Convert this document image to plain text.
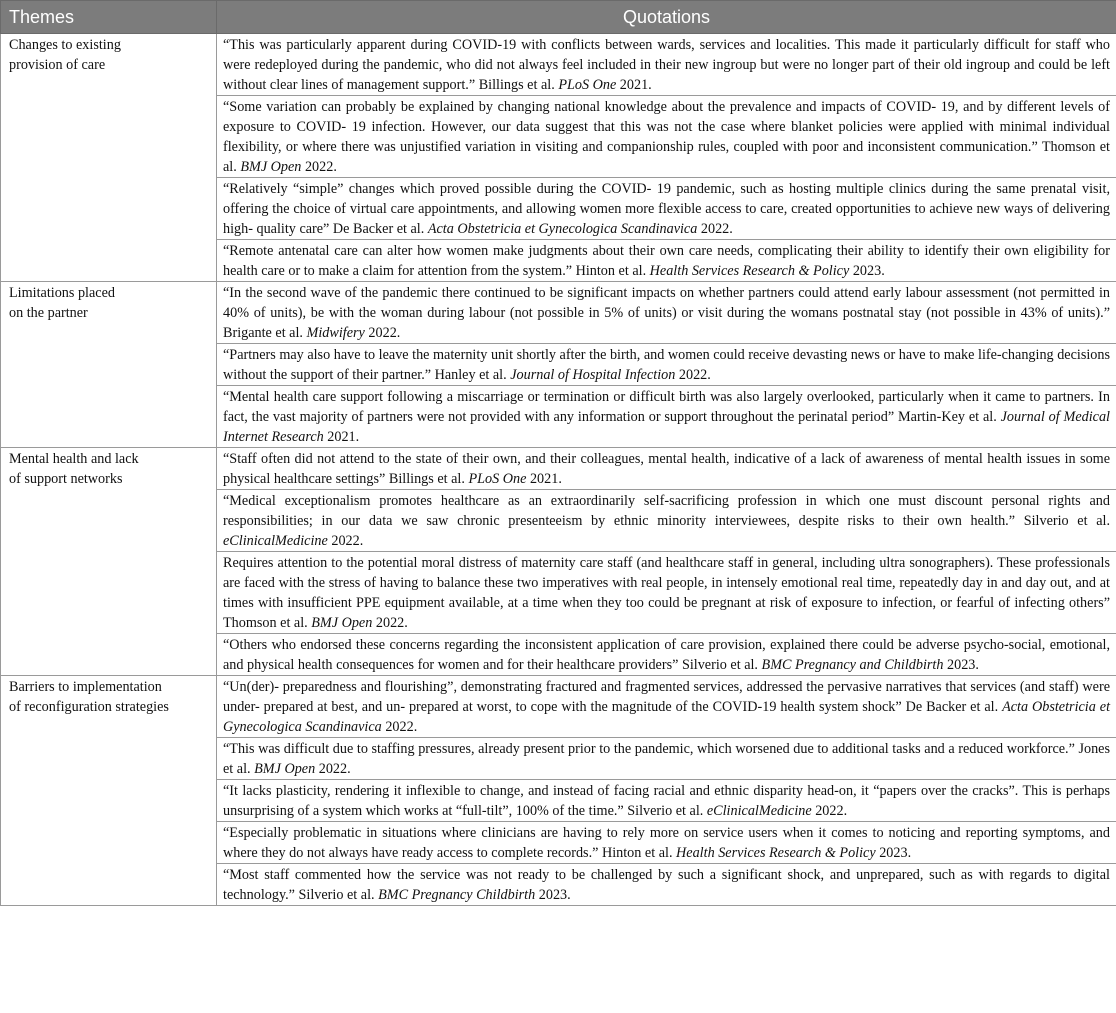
Themes	Quotations
Changes to existing
provision of care	“This was particularly apparent during COVID-19 with conflicts between wards, services and localities. This made it particularly difficult for staff who were redeployed during the pandemic, who did not always feel included in their new ingroup but were no longer part of their old ingroup and could be left without clear lines of management support.” Billings et al. PLoS One 2021.
	“Some variation can probably be explained by changing national knowledge about the prevalence and impacts of COVID- 19, and by different levels of exposure to COVID- 19 infection. However, our data suggest that this was not the case where blanket policies were applied with minimal individual flexibility, or where there was unjustified variation in visiting and companionship rules, coupled with poor and inconsistent communication.” Thomson et al. BMJ Open 2022.
	“Relatively “simple” changes which proved possible during the COVID- 19 pandemic, such as hosting multiple clinics during the same prenatal visit, offering the choice of virtual care appointments, and allowing women more flexible access to care, created opportunities to achieve new ways of delivering high- quality care” De Backer et al. Acta Obstetricia et Gynecologica Scandinavica 2022.
	“Remote antenatal care can alter how women make judgments about their own care needs, complicating their ability to identify their own eligibility for health care or to make a claim for attention from the system.” Hinton et al. Health Services Research & Policy 2023.
Limitations placed
on the partner	“In the second wave of the pandemic there continued to be significant impacts on whether partners could attend early labour assessment (not permitted in 40% of units), be with the woman during labour (not possible in 5% of units) or visit during the womans postnatal stay (not possible in 43% of units).” Brigante et al. Midwifery 2022.
	“Partners may also have to leave the maternity unit shortly after the birth, and women could receive devasting news or have to make life-changing decisions without the support of their partner.” Hanley et al. Journal of Hospital Infection 2022.
	“Mental health care support following a miscarriage or termination or difficult birth was also largely overlooked, particularly when it came to partners. In fact, the vast majority of partners were not provided with any information or support throughout the perinatal period” Martin-Key et al. Journal of Medical Internet Research 2021.
Mental health and lack
of support networks	“Staff often did not attend to the state of their own, and their colleagues, mental health, indicative of a lack of awareness of mental health issues in some physical healthcare settings” Billings et al. PLoS One 2021.
	“Medical exceptionalism promotes healthcare as an extraordinarily self-sacrificing profession in which one must discount personal rights and responsibilities; in our data we saw chronic presenteeism by ethnic minority interviewees, despite risks to their own health.” Silverio et al. eClinicalMedicine 2022.
	Requires attention to the potential moral distress of maternity care staff (and healthcare staff in general, including ultra sonographers). These professionals are faced with the stress of having to balance these two imperatives with real people, in intensely emotional real time, repeatedly day in and day out, and at times with insufficient PPE equipment available, at a time when they too could be pregnant at risk of exposure to infection, or fearful of infecting others” Thomson et al. BMJ Open 2022.
	“Others who endorsed these concerns regarding the inconsistent application of care provision, explained there could be adverse psycho-social, emotional, and physical health consequences for women and for their healthcare providers” Silverio et al. BMC Pregnancy and Childbirth 2023.
Barriers to implementation
of reconfiguration strategies	“Un(der)- preparedness and flourishing”, demonstrating fractured and fragmented services, addressed the pervasive narratives that services (and staff) were under- prepared at best, and un- prepared at worst, to cope with the magnitude of the COVID-19 health system shock” De Backer et al. Acta Obstetricia et Gynecologica Scandinavica 2022.
	“This was difficult due to staffing pressures, already present prior to the pandemic, which worsened due to additional tasks and a reduced workforce.” Jones et al. BMJ Open 2022.
	“It lacks plasticity, rendering it inflexible to change, and instead of facing racial and ethnic disparity head-on, it “papers over the cracks”. This is perhaps unsurprising of a system which works at “full-tilt”, 100% of the time.” Silverio et al. eClinicalMedicine 2022.
	“Especially problematic in situations where clinicians are having to rely more on service users when it comes to noticing and reporting symptoms, and where they do not always have ready access to complete records.” Hinton et al. Health Services Research & Policy 2023.
	“Most staff commented how the service was not ready to be challenged by such a significant shock, and unprepared, such as with regards to digital technology.” Silverio et al. BMC Pregnancy Childbirth 2023.
